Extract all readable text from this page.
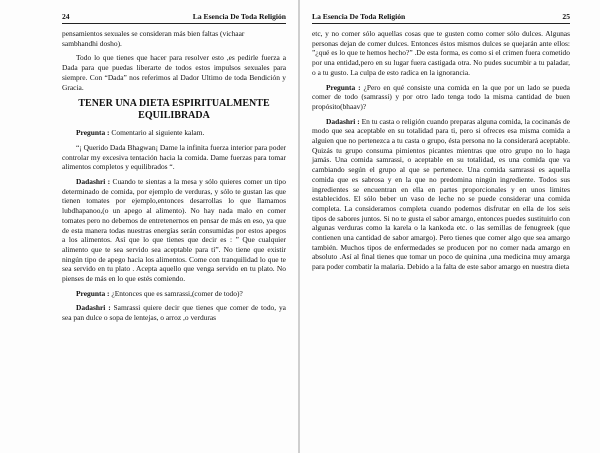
24	La Esencia De Toda Religión

pensamientos sexuales se consideran más bien faltas (vichaar

sambhandhi dosho).

Todo lo que tienes que hacer para resolver esto ,es pedirle fuerza a Dada para que puedas liberarte de todos estos impulsos sexuales para siempre. Con “Dada” nos referimos al Dador Ultimo de toda Bendición y Gracia.

TENER UNA DIETA ESPIRITUALMENTE
EQUILIBRADA

Pregunta : Comentario al siguiente kalam.

“¡ Querido Dada Bhagwan¡ Dame la infinita fuerza interior para poder controlar my excesiva tentación hacia la comida. Dame fuerzas para tomar alimentos completos y equilibrados “.

Dadashri : Cuando te sientas a la mesa y sólo quieres comer un tipo determinado de comida, por ejemplo de verduras, y sólo te gustan las que tienen tomates por ejemplo,entonces desarrollas lo que llamamos lubdhapanoo,(o un apego al alimento). No hay nada malo en comer tomates pero no debemos de entretenernos en pensar de más en eso, ya que de esta manera todas nuestras energías serán consumidas por estos apegos a los alimentos. Así que lo que tienes que decir es : ” Que cualquier alimento que te sea servido sea aceptable para tí”. No tiene que existir ningún tipo de apego hacia los alimentos. Come con tranquilidad lo que te sea servido en tu plato . Acepta aquello que venga servido en tu plato. No pienses de más en lo que estés comiendo.

Pregunta : ¿Entonces que es samrassi,(comer de todo)?

Dadashri : Samrassi quiere decir que tienes que comer de todo, ya sea pan dulce o sopa de lentejas, o arroz ,o verduras

La Esencia De Toda Religión	25

etc, y no comer sólo aquellas cosas que te gusten como comer sólo dulces. Algunas personas dejan de comer dulces. Entonces éstos mismos dulces se quejarán ante ellos: ”¿qué es lo que te hemos hecho?” .De esta forma, es como si el crimen fuera cometido por una entidad,pero en su lugar fuera castigada otra. No pudes sucumbir a tu paladar, o a tu gusto. La culpa de esto radica en la ignorancia.

Pregunta : ¿Pero en qué consiste una comida en la que por un lado se pueda comer de todo (samrassi) y por otro lado tenga todo la misma cantidad de buen propósito(bhaav)?

Dadashri : En tu casta o religión cuando preparas alguna comida, la cocinanás de modo que sea aceptable en su totalidad para ti, pero si ofreces esa misma comida a alguien que no pertenezca a tu casta o grupo, ésta persona no la considerará aceptable. Quizás tu grupo consuma pimientos picantes mientras que otro grupo no lo haga jamás. Una comida samrassi, o aceptable en su totalidad, es una comida que va cambiando según el grupo al que se pertenece. Una comida samrassi es aquella comida que es sabrosa y en la que no predomina ningún ingrediente. Todos sus ingredientes se encuentran en ella en partes proporcionales y en unos limites establecidos. El sólo beber un vaso de leche no se puede considerar una comida completa. La consideramos completa cuando podemos disfrutar en ella de los seis tipos de sabores juntos. Si no te gusta el sabor amargo, entonces puedes sustituirlo con algunas verduras como la karela o la kankoda etc. o las semillas de fenugreek (que contienen una cantidad de sabor amargo). Pero tienes que comer algo que sea amargo también. Muchos tipos de enfermedades se producen por no comer nada amargo en absoluto .Así al final tienes que tomar un poco de quinina ,una medicina muy amarga para poder combatir la malaria. Debido a la falta de este sabor amargo en nuestra dieta
